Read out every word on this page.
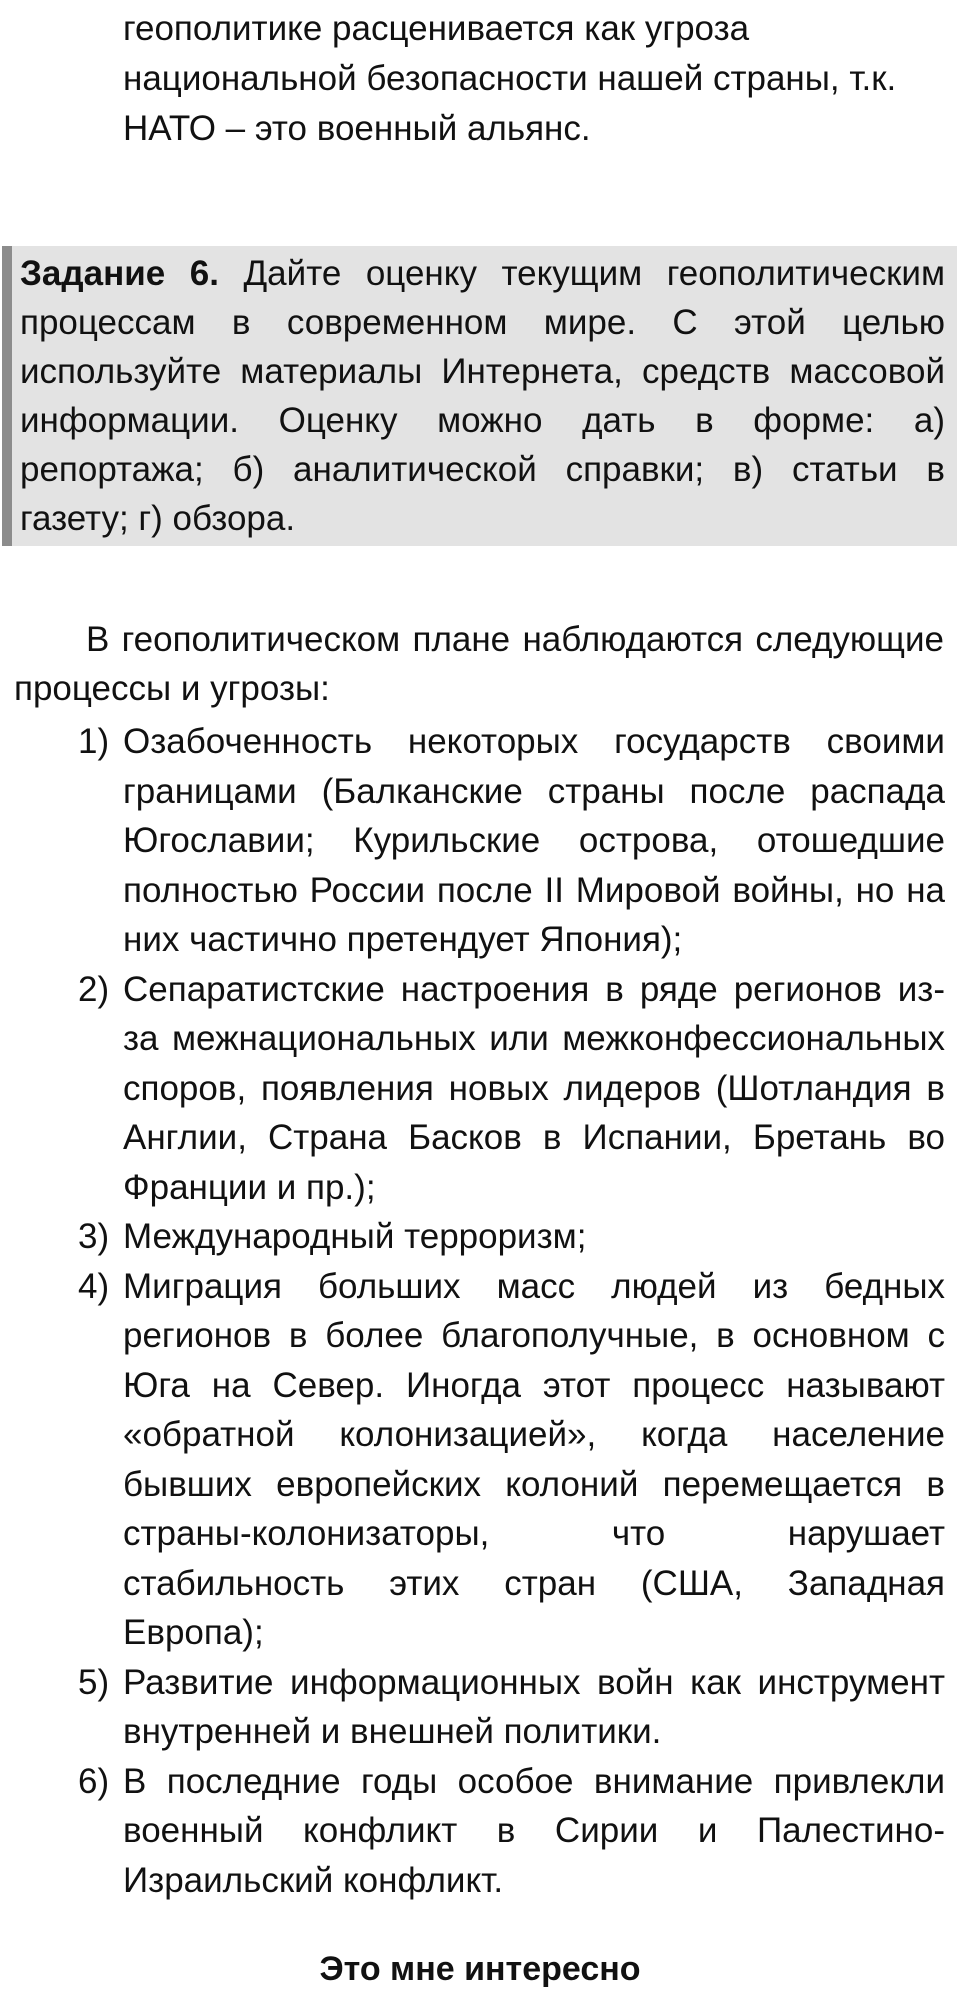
геополитике расценивается как угроза
национальной безопасности нашей страны, т.к.
НАТО – это военный альянс.

Задание 6. Дайте оценку текущим геополитическим процессам в современном мире. С этой целью используйте материалы Интернета, средств массовой информации. Оценку можно дать в форме: а) репортажа; б) аналитической справки; в) статьи в газету; г) обзора.

В геополитическом плане наблюдаются следующие процессы и угрозы:

1) Озабоченность некоторых государств своими границами (Балканские страны после распада Югославии; Курильские острова, отошедшие полностью России после II Мировой войны, но на них частично претендует Япония);
2) Сепаратистские настроения в ряде регионов из-за межнациональных или межконфессиональных споров, появления новых лидеров (Шотландия в Англии, Страна Басков в Испании, Бретань во Франции и пр.);
3) Международный терроризм;
4) Миграция больших масс людей из бедных регионов в более благополучные, в основном с Юга на Север. Иногда этот процесс называют «обратной колонизацией», когда население бывших европейских колоний перемещается в страны-колонизаторы, что нарушает стабильность этих стран (США, Западная Европа);
5) Развитие информационных войн как инструмент внутренней и внешней политики.
6) В последние годы особое внимание привлекли военный конфликт в Сирии и Палестино-Израильский конфликт.
Это мне интересно
